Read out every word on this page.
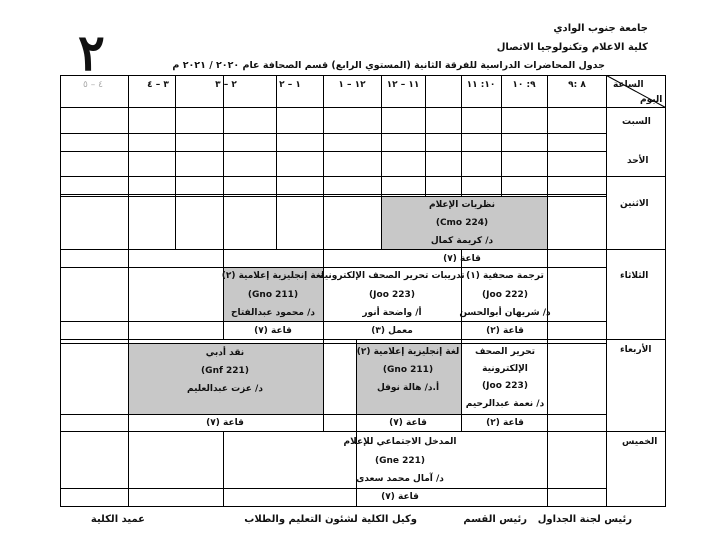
جامعة جنوب الوادي
كلية الاعلام وتكنولوجيا الاتصال
٢	جدول المحاضرات الدراسية للفرقة الثانية (المستوي الرابع) قسم الصحافة عام ٢٠٢٠ / ٢٠٢١ م
الساعة
اليوم
٨ :٩
٩: ١٠
١٠: ١١
١١ – ١٢
١٢ – ١
١ – ٢
٢ – ٣
٣ – ٤
٤ – ٥
السبت
الأحد
الاثنين
الثلاثاء
الأربعاء
الخميس
نظريات الإعلام
(Cmo 224)
د/ كريمة كمال
قاعة (٧)
ترجمة صحفية (١)
(Joo 222)
د/ شريهان أبوالحسن
قاعة (٢)
تدريبات تحرير الصحف الإلكترونية
(Joo 223)
أ/ واضحة أنور
معمل (٣)
لغة إنجليزية إعلامية (٢)
(Gno 211)
د/ محمود عبدالفتاح
قاعة (٧)
تحرير الصحف
الإلكترونية
(Joo 223)
د/ نعمة عبدالرحيم
قاعة (٢)
لغة إنجليزية إعلامية (٢)
(Gno 211)
أ.د/ هالة نوفل
قاعة (٧)
نقد أدبي
(Gnf 221)
د/ عزت عبدالعليم
قاعة (٧)
المدخل الاجتماعي للإعلام
(Gne 221)
د/ آمال محمد سعدى
قاعة (٧)
رئيس لجنة الجداول
رئيس القسم
وكيل الكلية لشئون التعليم والطلاب
عميد الكلية
